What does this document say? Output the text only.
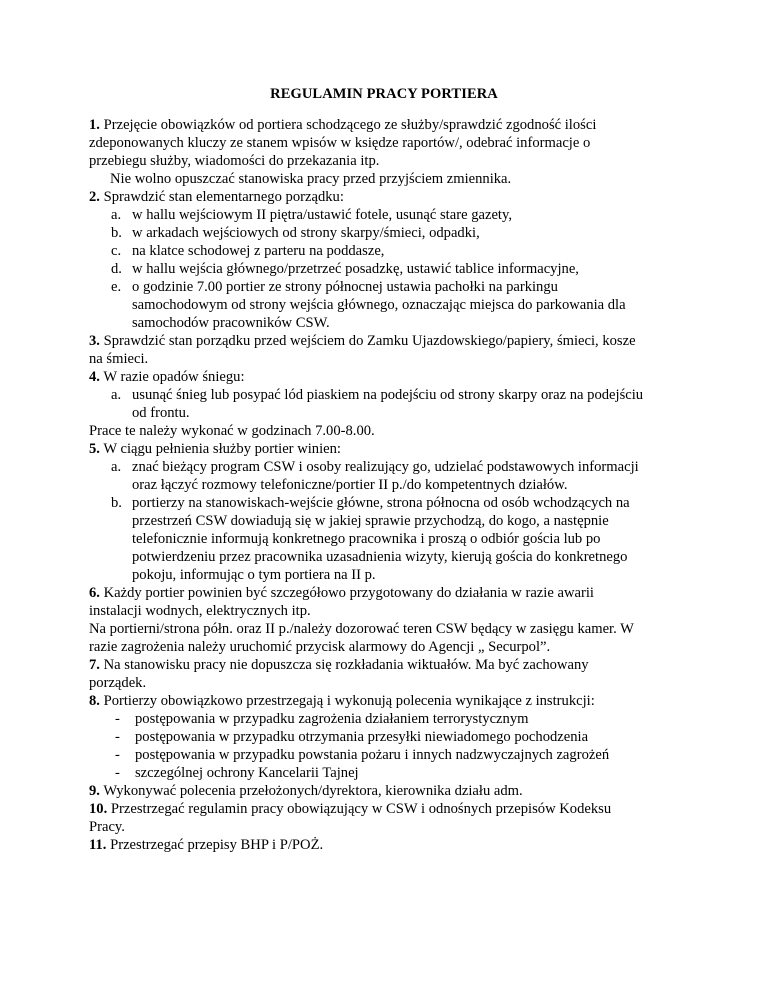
REGULAMIN PRACY PORTIERA
1. Przejęcie obowiązków od portiera schodzącego ze służby/sprawdzić zgodność ilości
zdeponowanych kluczy ze stanem wpisów w księdze raportów/, odebrać informacje o
przebiegu służby, wiadomości do przekazania itp.
Nie wolno opuszczać stanowiska pracy przed przyjściem zmiennika.
2. Sprawdzić stan elementarnego porządku:
a. w hallu wejściowym II piętra/ustawić fotele, usunąć stare gazety,
b. w arkadach wejściowych od strony skarpy/śmieci, odpadki,
c. na klatce schodowej z parteru na poddasze,
d. w hallu wejścia głównego/przetrzeć posadzkę, ustawić tablice informacyjne,
e. o godzinie 7.00 portier ze strony północnej ustawia pachołki na parkingu
samochodowym od strony wejścia głównego, oznaczając miejsca do parkowania dla
samochodów pracowników CSW.
3. Sprawdzić stan porządku przed wejściem do Zamku Ujazdowskiego/papiery, śmieci, kosze
na śmieci.
4. W razie opadów śniegu:
a. usunąć śnieg lub posypać lód piaskiem na podejściu od strony skarpy oraz na podejściu
od frontu.
Prace te należy wykonać w godzinach 7.00-8.00.
5. W ciągu pełnienia służby portier winien:
a. znać bieżący program CSW i osoby realizujący go, udzielać podstawowych informacji
oraz łączyć rozmowy telefoniczne/portier II p./do kompetentnych działów.
b. portierzy na stanowiskach-wejście główne, strona północna od osób wchodzących na
przestrzeń CSW dowiadują się w jakiej sprawie przychodzą, do kogo, a następnie
telefonicznie informują konkretnego pracownika i proszą o odbiór gościa lub po
potwierdzeniu przez pracownika uzasadnienia wizyty, kierują gościa do konkretnego
pokoju, informując o tym portiera na II p.
6. Każdy portier powinien być szczegółowo przygotowany do działania w razie awarii
instalacji wodnych, elektrycznych itp.
Na portierni/strona półn. oraz II p./należy dozorować teren CSW będący w zasięgu kamer. W
razie zagrożenia należy uruchomić przycisk alarmowy do Agencji „ Securpol”.
7. Na stanowisku pracy nie dopuszcza się rozkładania wiktuałów. Ma być zachowany
porządek.
8. Portierzy obowiązkowo przestrzegają i wykonują polecenia wynikające z instrukcji:
- postępowania w przypadku zagrożenia działaniem terrorystycznym
- postępowania w przypadku otrzymania przesyłki niewiadomego pochodzenia
- postępowania w przypadku powstania pożaru i innych nadzwyczajnych zagrożeń
- szczególnej ochrony Kancelarii Tajnej
9. Wykonywać polecenia przełożonych/dyrektora, kierownika działu adm.
10. Przestrzegać regulamin pracy obowiązujący w CSW i odnośnych przepisów Kodeksu
Pracy.
11. Przestrzegać przepisy BHP i P/POŻ.
